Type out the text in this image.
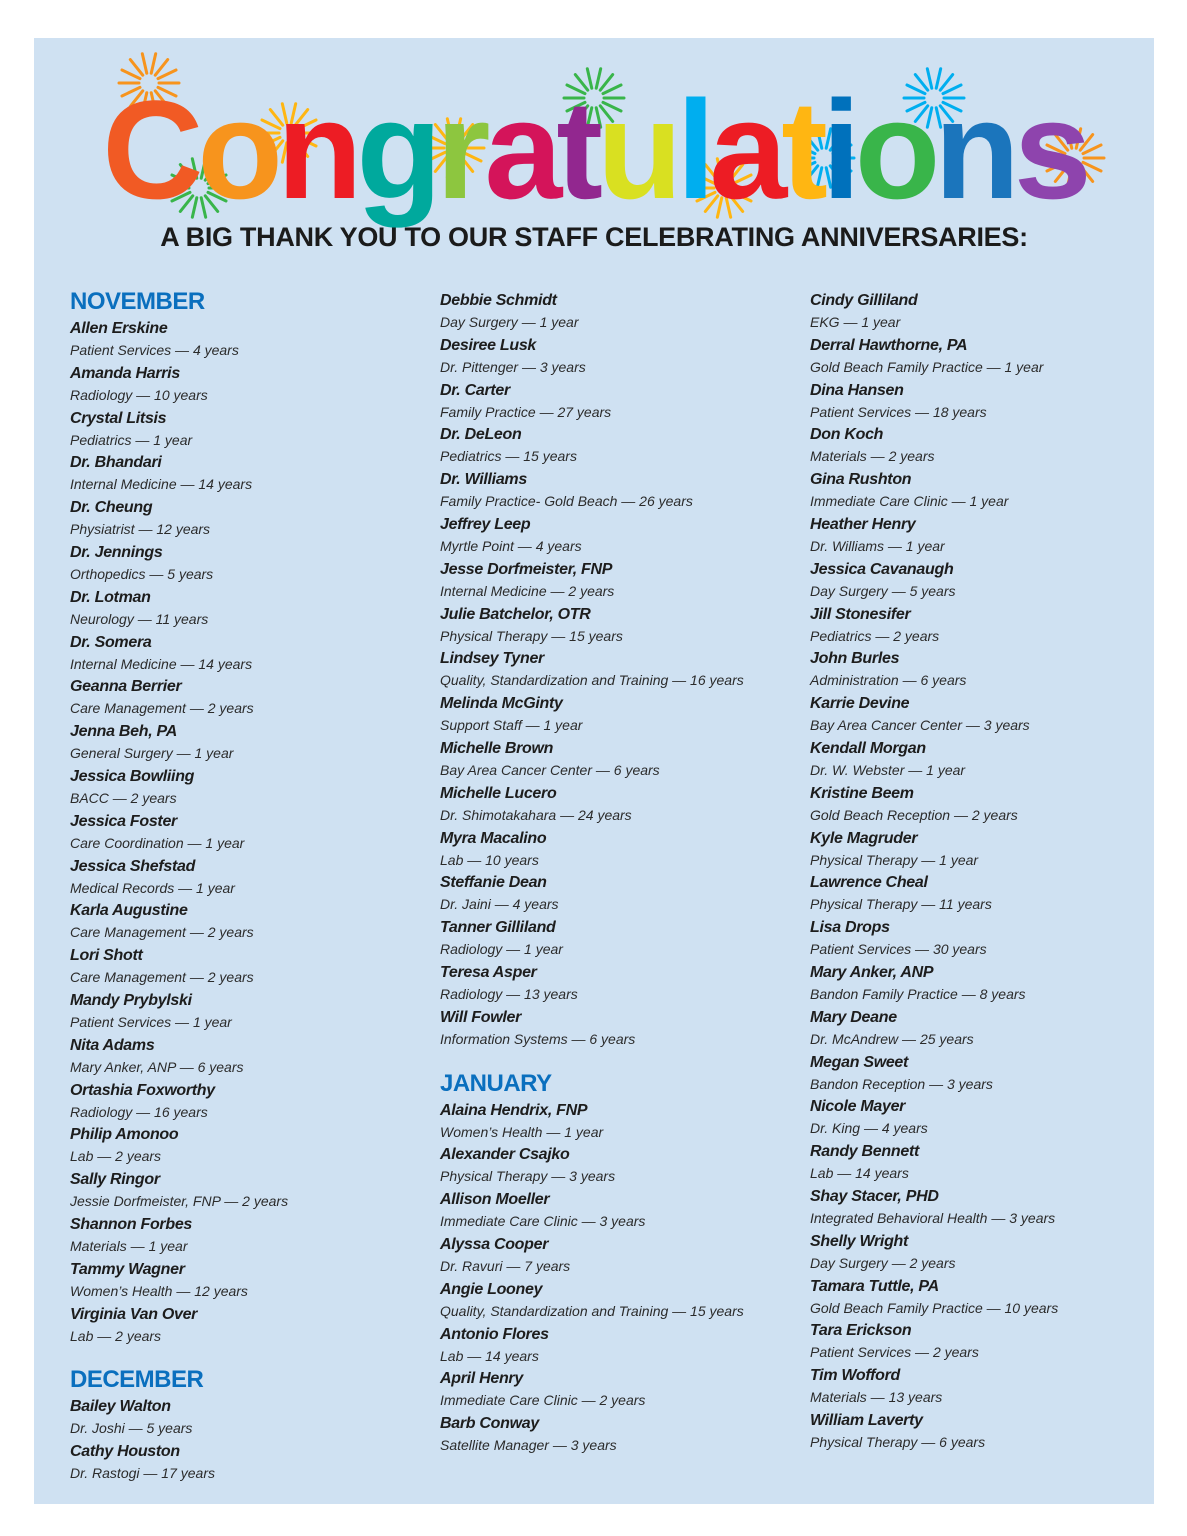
Congratulations
A BIG THANK YOU TO OUR STAFF CELEBRATING ANNIVERSARIES:
NOVEMBER
Allen Erskine
Patient Services — 4 years
Amanda Harris
Radiology — 10 years
Crystal Litsis
Pediatrics — 1 year
Dr. Bhandari
Internal Medicine — 14 years
Dr. Cheung
Physiatrist — 12 years
Dr. Jennings
Orthopedics — 5 years
Dr. Lotman
Neurology — 11 years
Dr. Somera
Internal Medicine — 14 years
Geanna Berrier
Care Management — 2 years
Jenna Beh, PA
General Surgery — 1 year
Jessica Bowliing
BACC — 2 years
Jessica Foster
Care Coordination — 1 year
Jessica Shefstad
Medical Records — 1 year
Karla Augustine
Care Management — 2 years
Lori Shott
Care Management — 2 years
Mandy Prybylski
Patient Services — 1 year
Nita Adams
Mary Anker, ANP — 6 years
Ortashia Foxworthy
Radiology — 16 years
Philip Amonoo
Lab — 2 years
Sally Ringor
Jessie Dorfmeister, FNP — 2 years
Shannon Forbes
Materials — 1 year
Tammy Wagner
Women’s Health — 12 years
Virginia Van Over
Lab — 2 years
DECEMBER
Bailey Walton
Dr. Joshi — 5 years
Cathy Houston
Dr. Rastogi — 17 years
Debbie Schmidt
Day Surgery — 1 year
Desiree Lusk
Dr. Pittenger — 3 years
Dr. Carter
Family Practice — 27 years
Dr. DeLeon
Pediatrics — 15 years
Dr. Williams
Family Practice- Gold Beach — 26 years
Jeffrey Leep
Myrtle Point — 4 years
Jesse Dorfmeister, FNP
Internal Medicine — 2 years
Julie Batchelor, OTR
Physical Therapy — 15 years
Lindsey Tyner
Quality, Standardization and Training — 16 years
Melinda McGinty
Support Staff — 1 year
Michelle Brown
Bay Area Cancer Center — 6 years
Michelle Lucero
Dr. Shimotakahara — 24 years
Myra Macalino
Lab — 10 years
Steffanie Dean
Dr. Jaini — 4 years
Tanner Gilliland
Radiology — 1 year
Teresa Asper
Radiology — 13 years
Will Fowler
Information Systems — 6 years
JANUARY
Alaina Hendrix, FNP
Women’s Health — 1 year
Alexander Csajko
Physical Therapy — 3 years
Allison Moeller
Immediate Care Clinic — 3 years
Alyssa Cooper
Dr. Ravuri — 7 years
Angie Looney
Quality, Standardization and Training — 15 years
Antonio Flores
Lab — 14 years
April Henry
Immediate Care Clinic — 2 years
Barb Conway
Satellite Manager — 3 years
Cindy Gilliland
EKG — 1 year
Derral Hawthorne, PA
Gold Beach Family Practice — 1 year
Dina Hansen
Patient Services — 18 years
Don Koch
Materials — 2 years
Gina Rushton
Immediate Care Clinic — 1 year
Heather Henry
Dr. Williams — 1 year
Jessica Cavanaugh
Day Surgery — 5 years
Jill Stonesifer
Pediatrics — 2 years
John Burles
Administration — 6 years
Karrie Devine
Bay Area Cancer Center — 3 years
Kendall Morgan
Dr. W. Webster — 1 year
Kristine Beem
Gold Beach Reception — 2 years
Kyle Magruder
Physical Therapy — 1 year
Lawrence Cheal
Physical Therapy — 11 years
Lisa Drops
Patient Services — 30 years
Mary Anker, ANP
Bandon Family Practice — 8 years
Mary Deane
Dr. McAndrew — 25 years
Megan Sweet
Bandon Reception — 3 years
Nicole Mayer
Dr. King — 4 years
Randy Bennett
Lab — 14 years
Shay Stacer, PHD
Integrated Behavioral Health — 3 years
Shelly Wright
Day Surgery — 2 years
Tamara Tuttle, PA
Gold Beach Family Practice — 10 years
Tara Erickson
Patient Services — 2 years
Tim Wofford
Materials — 13 years
William Laverty
Physical Therapy — 6 years
